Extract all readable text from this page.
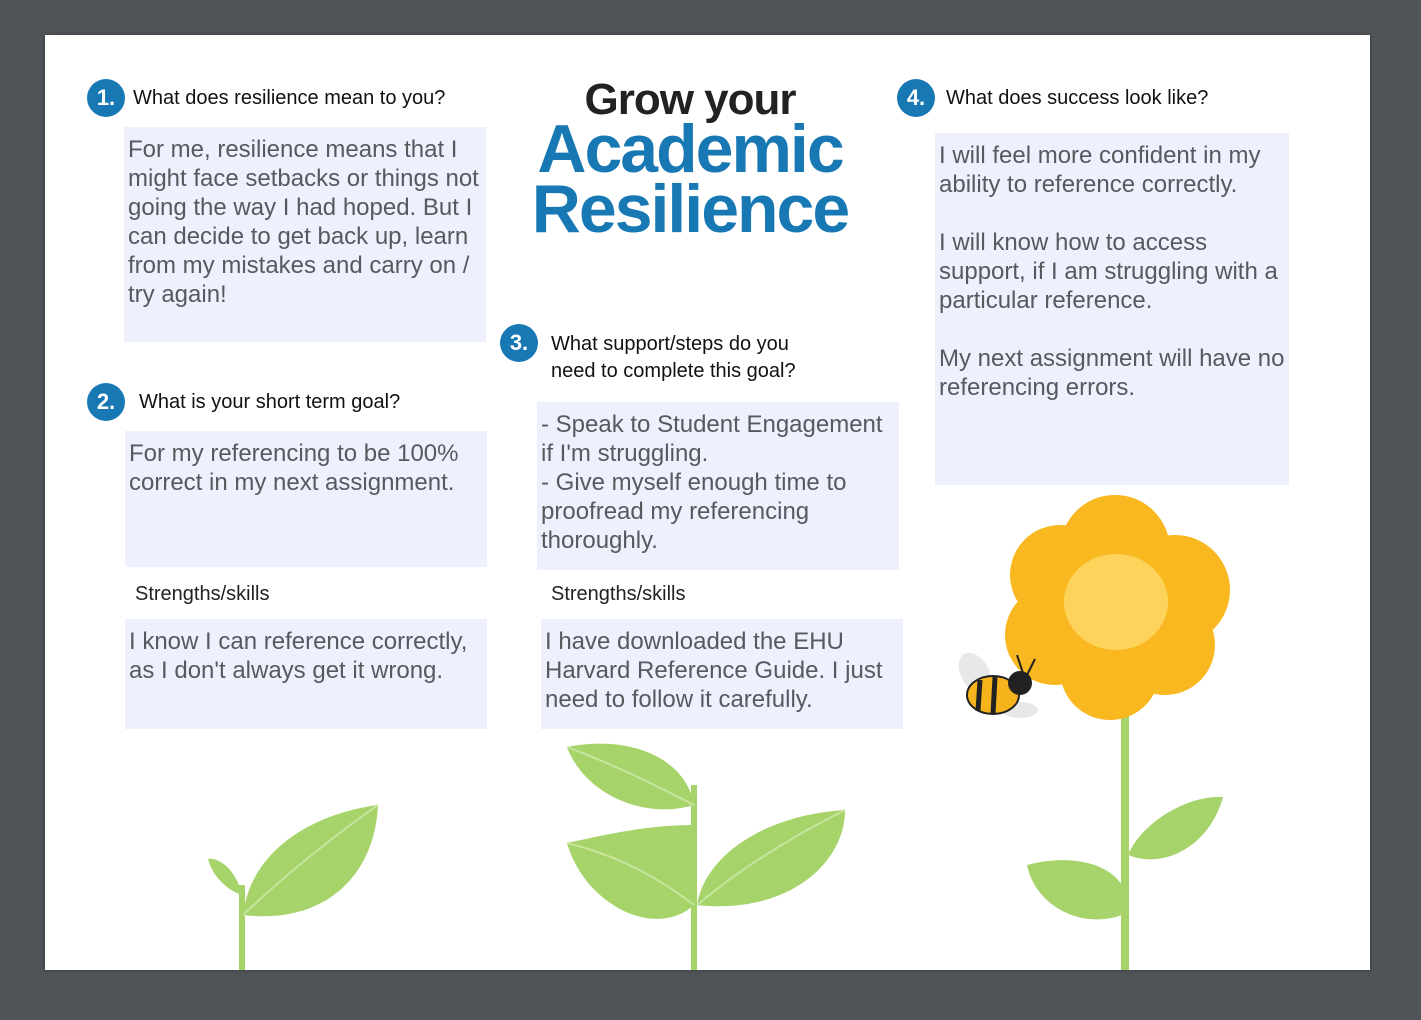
Grow your
Academic
Resilience
1. What does resilience mean to you?
For me, resilience means that I might face setbacks or things not going the way I had hoped. But I can decide to get back up, learn from my mistakes and carry on / try again!
2.	What is your short term goal?
For my referencing to be 100% correct in my next assignment.
Strengths/skills
I know I can reference correctly, as I don't always get it wrong.
3.	What support/steps do you
need to complete this goal?
- Speak to Student Engagement if I'm struggling.
- Give myself enough time to proofread my referencing thoroughly.
Strengths/skills
I have downloaded the EHU Harvard Reference Guide. I just need to follow it carefully.
4.	What does success look like?
I will feel more confident in my ability to reference correctly.
I will know how to access support, if I am struggling with a particular reference.
My next assignment will have no referencing errors.
